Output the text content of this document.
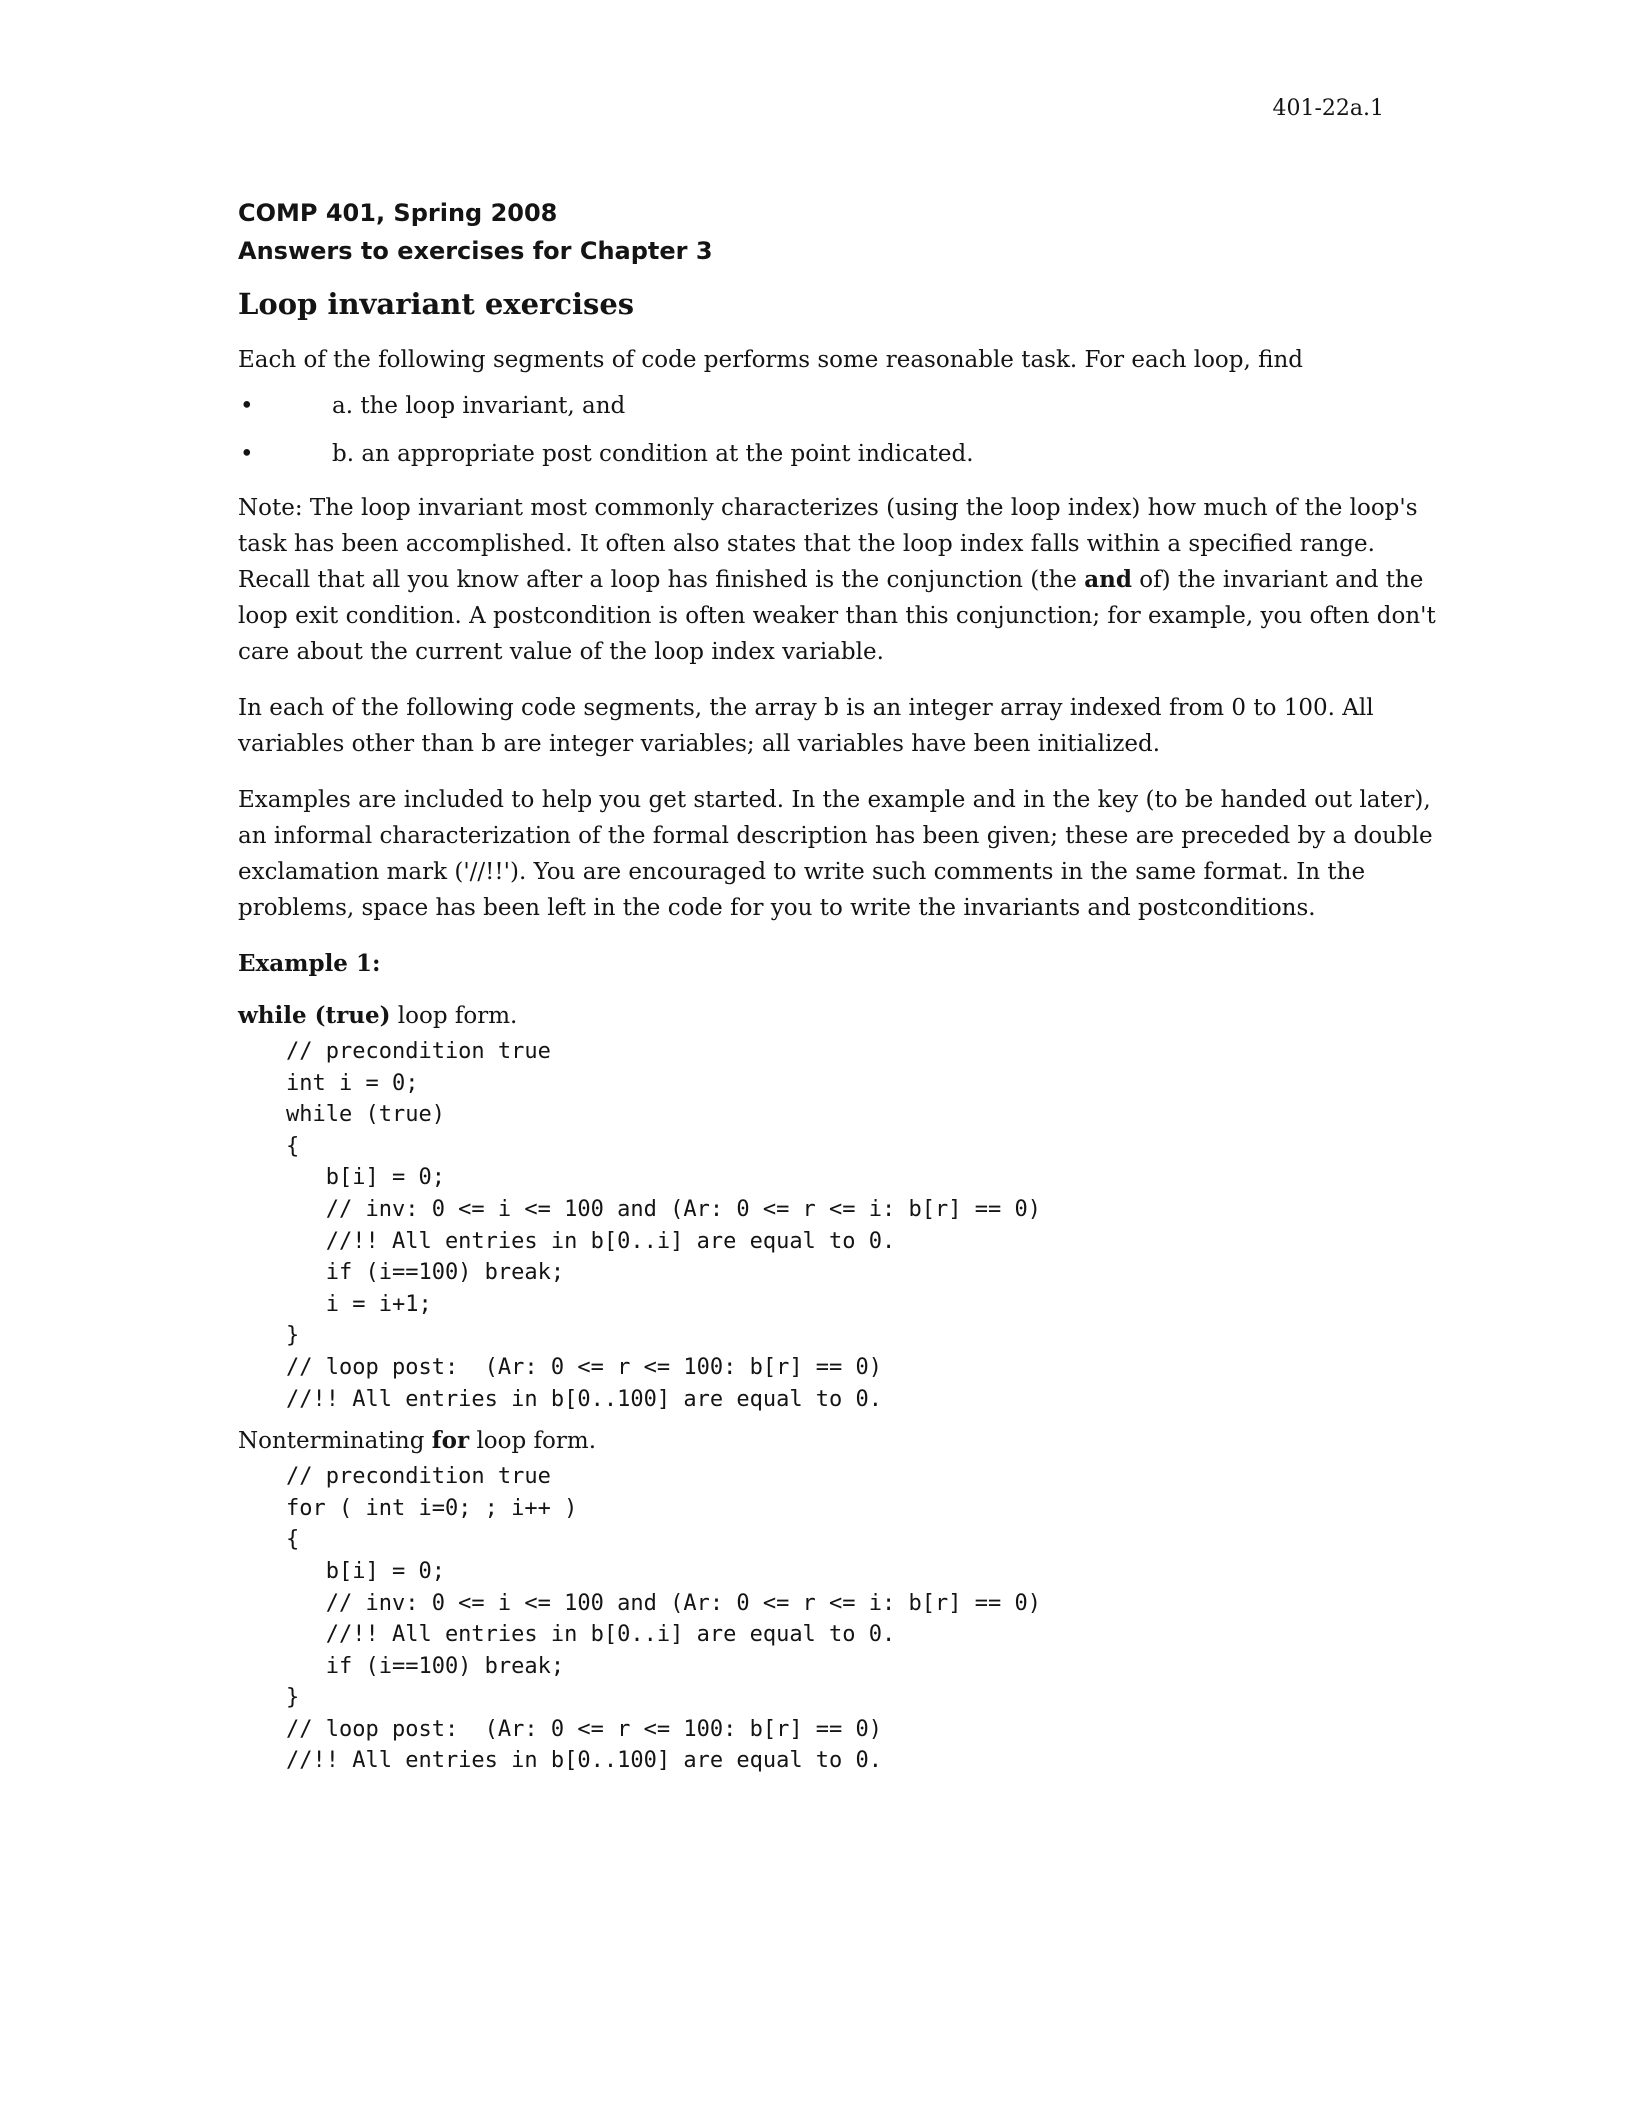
401-22a.1

COMP 401, Spring 2008

Answers to exercises for Chapter 3

Loop invariant exercises

Each of the following segments of code performs some reasonable task. For each loop, find

•	a. the loop invariant, and
•	b. an appropriate post condition at the point indicated.

Note: The loop invariant most commonly characterizes (using the loop index) how much of the loop's task has been accomplished. It often also states that the loop index falls within a specified range. Recall that all you know after a loop has finished is the conjunction (the and of) the invariant and the loop exit condition. A postcondition is often weaker than this conjunction; for example, you often don't care about the current value of the loop index variable.

In each of the following code segments, the array b is an integer array indexed from 0 to 100. All variables other than b are integer variables; all variables have been initialized.

Examples are included to help you get started. In the example and in the key (to be handed out later), an informal characterization of the formal description has been given; these are preceded by a double exclamation mark ('//!!'). You are encouraged to write such comments in the same format. In the problems, space has been left in the code for you to write the invariants and postconditions.

Example 1:

while (true) loop form.

// precondition true
int i = 0;
while (true)
{
b[i] = 0;
// inv: 0 <= i <= 100 and (Ar: 0 <= r <= i: b[r] == 0)
//!! All entries in b[0..i] are equal to 0.
if (i==100) break;
i = i+1;
}
// loop post:  (Ar: 0 <= r <= 100: b[r] == 0)
//!! All entries in b[0..100] are equal to 0.

Nonterminating for loop form.

// precondition true
for ( int i=0; ; i++ )
{
b[i] = 0;
// inv: 0 <= i <= 100 and (Ar: 0 <= r <= i: b[r] == 0)
//!! All entries in b[0..i] are equal to 0.
if (i==100) break;
}
// loop post:  (Ar: 0 <= r <= 100: b[r] == 0)
//!! All entries in b[0..100] are equal to 0.
